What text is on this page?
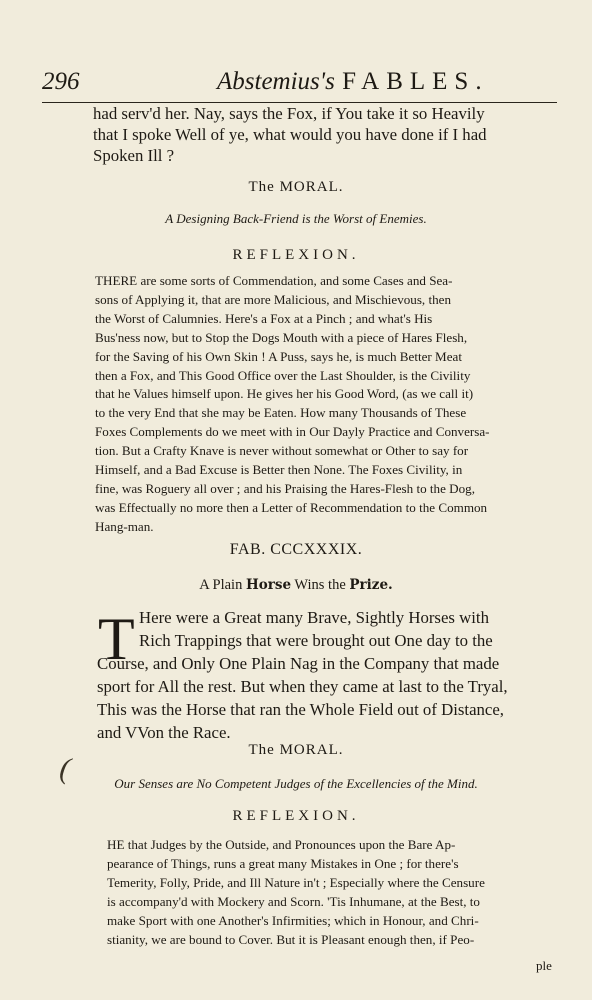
296	Abstemius's FABLES.
had serv'd her. Nay, says the Fox, if You take it so Heavily
that I spoke Well of ye, what would you have done if I had
Spoken Ill ?
The MORAL.
A Designing Back-Friend is the Worst of Enemies.
REFLEXION.
THERE are some sorts of Commendation, and some Cases and Sea-
sons of Applying it, that are more Malicious, and Mischievous, then
the Worst of Calumnies. Here's a Fox at a Pinch ; and what's His
Bus'ness now, but to Stop the Dogs Mouth with a piece of Hares Flesh,
for the Saving of his Own Skin ! A Puss, says he, is much Better Meat
then a Fox, and This Good Office over the Last Shoulder, is the Civility
that he Values himself upon. He gives her his Good Word, (as we call it)
to the very End that she may be Eaten. How many Thousands of These
Foxes Complements do we meet with in Our Dayly Practice and Conversa-
tion. But a Crafty Knave is never without somewhat or Other to say for
Himself, and a Bad Excuse is Better then None. The Foxes Civility, in
fine, was Roguery all over ; and his Praising the Hares-Flesh to the Dog,
was Effectually no more then a Letter of Recommendation to the Common
Hang-man.
FAB. CCCXXXIX.
A Plain Horse Wins the Prize.
T Here were a Great many Brave, Sightly Horses with
Rich Trappings that were brought out One day to the
Course, and Only One Plain Nag in the Company that made
sport for All the rest. But when they came at last to the Tryal,
This was the Horse that ran the Whole Field out of Distance,
and VVon the Race.
(
The MORAL.
Our Senses are No Competent Judges of the Excellencies of the Mind.
REFLEXION.
HE that Judges by the Outside, and Pronounces upon the Bare Ap-
pearance of Things, runs a great many Mistakes in One ; for there's
Temerity, Folly, Pride, and Ill Nature in't ; Especially where the Censure
is accompany'd with Mockery and Scorn. 'Tis Inhumane, at the Best, to
make Sport with one Another's Infirmities; which in Honour, and Chri-
stianity, we are bound to Cover. But it is Pleasant enough then, if Peo-
ple
